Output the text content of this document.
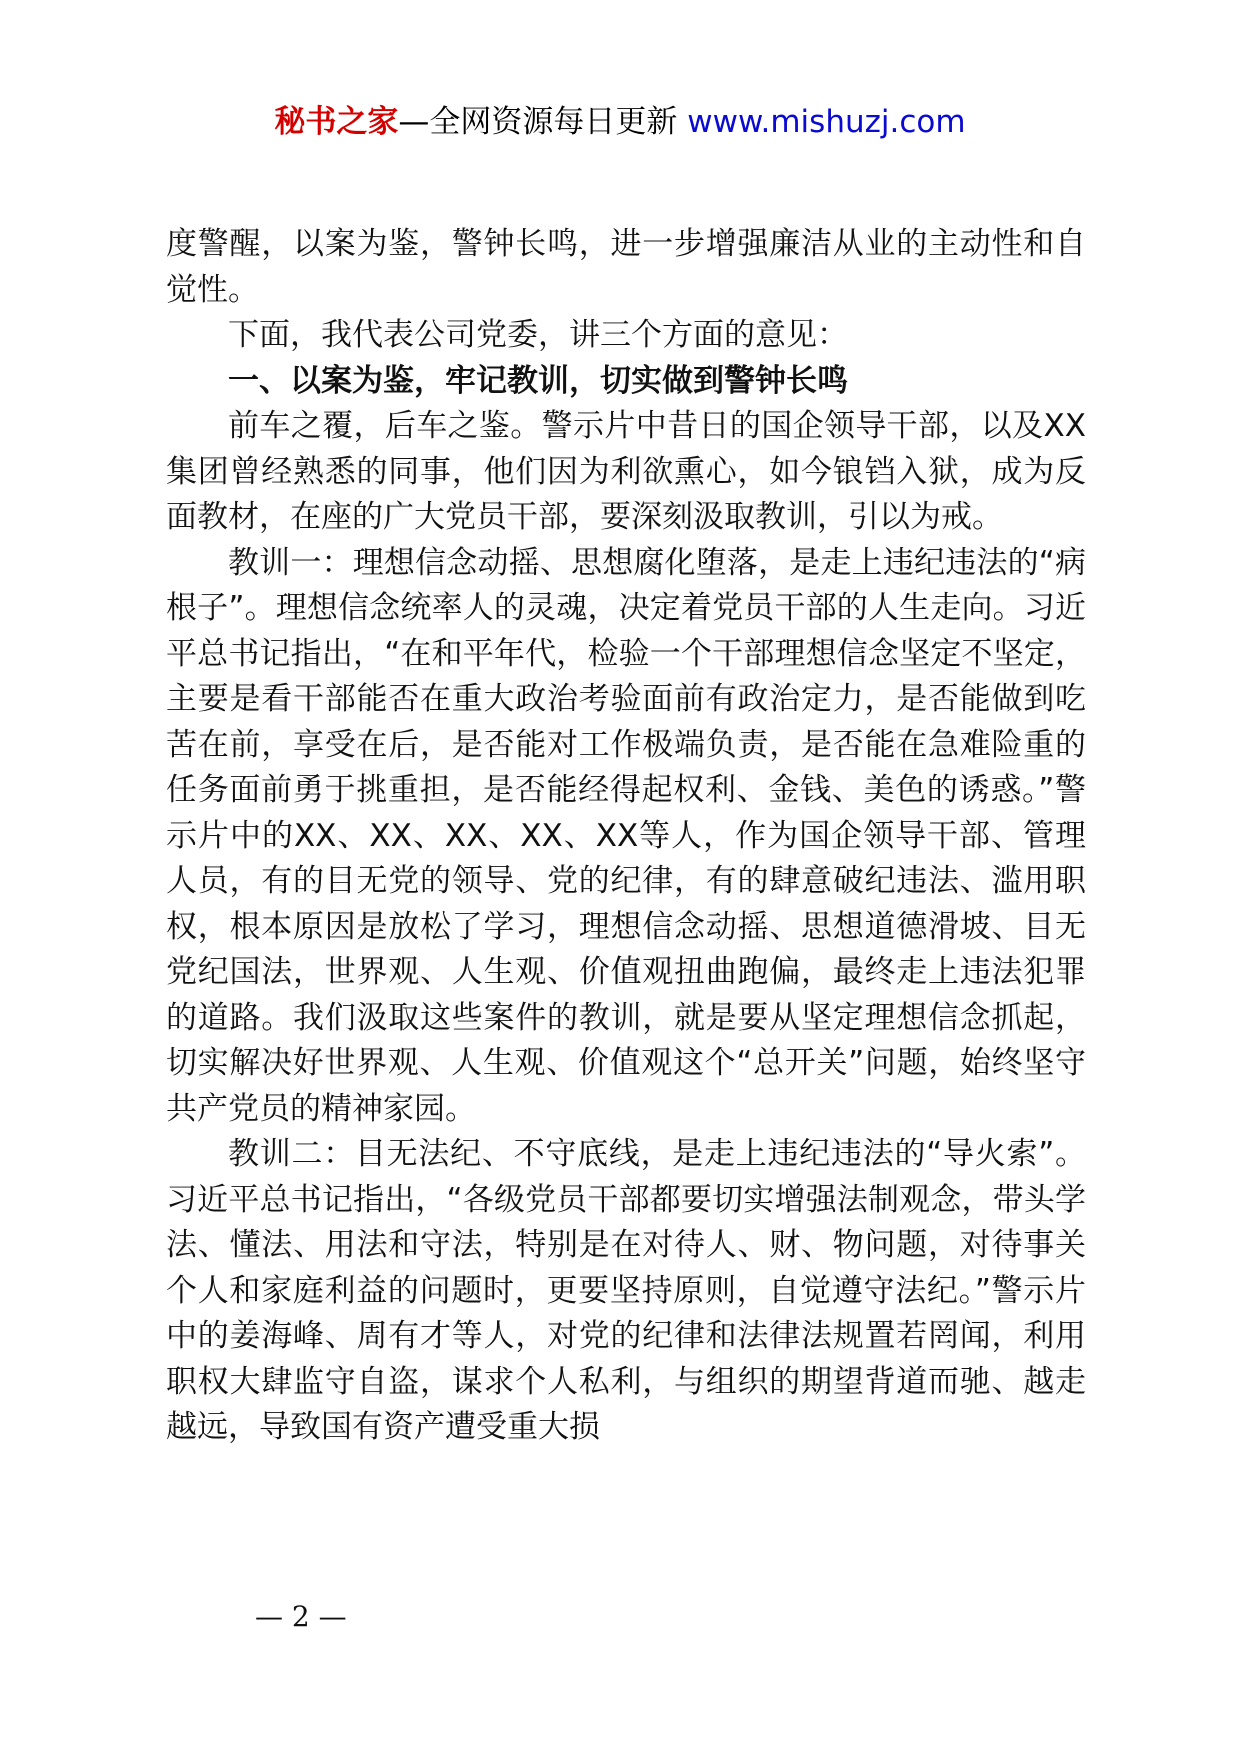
秘书之家—全网资源每日更新 www.mishuzj.com

度警醒，以案为鉴，警钟长鸣，进一步增强廉洁从业的主动性和自觉性。

下面，我代表公司党委，讲三个方面的意见：

一、以案为鉴，牢记教训，切实做到警钟长鸣

前车之覆，后车之鉴。警示片中昔日的国企领导干部，以及XX集团曾经熟悉的同事，他们因为利欲熏心，如今锒铛入狱，成为反面教材，在座的广大党员干部，要深刻汲取教训，引以为戒。

教训一：理想信念动摇、思想腐化堕落，是走上违纪违法的“病根子”。理想信念统率人的灵魂，决定着党员干部的人生走向。习近平总书记指出，“在和平年代，检验一个干部理想信念坚定不坚定，主要是看干部能否在重大政治考验面前有政治定力，是否能做到吃苦在前，享受在后，是否能对工作极端负责，是否能在急难险重的任务面前勇于挑重担，是否能经得起权利、金钱、美色的诱惑。”警示片中的XX、XX、XX、XX、XX等人，作为国企领导干部、管理人员，有的目无党的领导、党的纪律，有的肆意破纪违法、滥用职权，根本原因是放松了学习，理想信念动摇、思想道德滑坡、目无党纪国法，世界观、人生观、价值观扭曲跑偏，最终走上违法犯罪的道路。我们汲取这些案件的教训，就是要从坚定理想信念抓起，切实解决好世界观、人生观、价值观这个“总开关”问题，始终坚守共产党员的精神家园。

教训二：目无法纪、不守底线，是走上违纪违法的“导火索”。习近平总书记指出，“各级党员干部都要切实增强法制观念，带头学法、懂法、用法和守法，特别是在对待人、财、物问题，对待事关个人和家庭利益的问题时，更要坚持原则，自觉遵守法纪。”警示片中的姜海峰、周有才等人，对党的纪律和法律法规置若罔闻，利用职权大肆监守自盗，谋求个人私利，与组织的期望背道而驰、越走越远，导致国有资产遭受重大损

— 2 —
